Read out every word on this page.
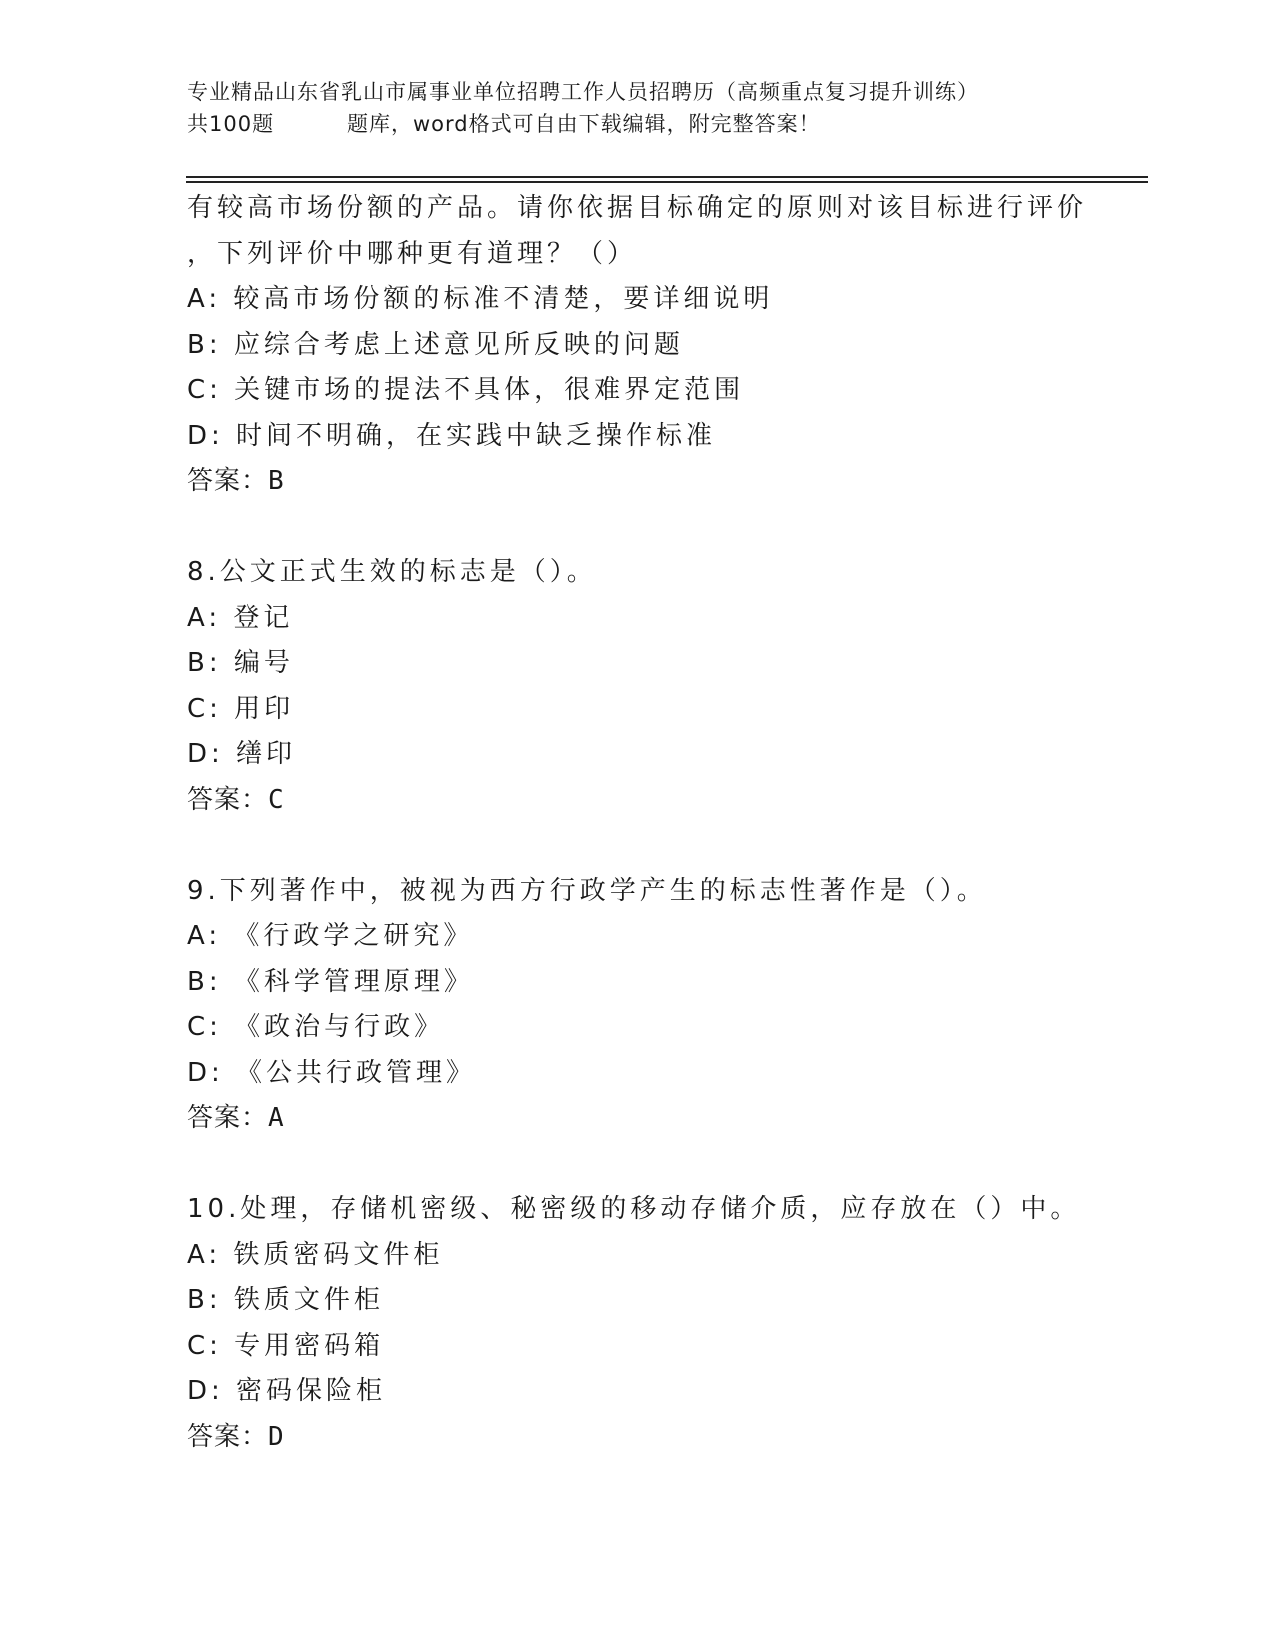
专业精品山东省乳山市属事业单位招聘工作人员招聘历（高频重点复习提升训练）
共100题	题库，word格式可自由下载编辑，附完整答案！
有较高市场份额的产品。请你依据目标确定的原则对该目标进行评价
，下列评价中哪种更有道理？（）
A: 较高市场份额的标准不清楚，要详细说明
B: 应综合考虑上述意见所反映的问题
C: 关键市场的提法不具体，很难界定范围
D: 时间不明确，在实践中缺乏操作标准
答案：B
8.公文正式生效的标志是（）。
A: 登记
B: 编号
C: 用印
D: 缮印
答案：C
9.下列著作中，被视为西方行政学产生的标志性著作是（）。
A: 《行政学之研究》
B: 《科学管理原理》
C: 《政治与行政》
D: 《公共行政管理》
答案：A
10.处理，存储机密级、秘密级的移动存储介质，应存放在（）中。
A: 铁质密码文件柜
B: 铁质文件柜
C: 专用密码箱
D: 密码保险柜
答案：D
